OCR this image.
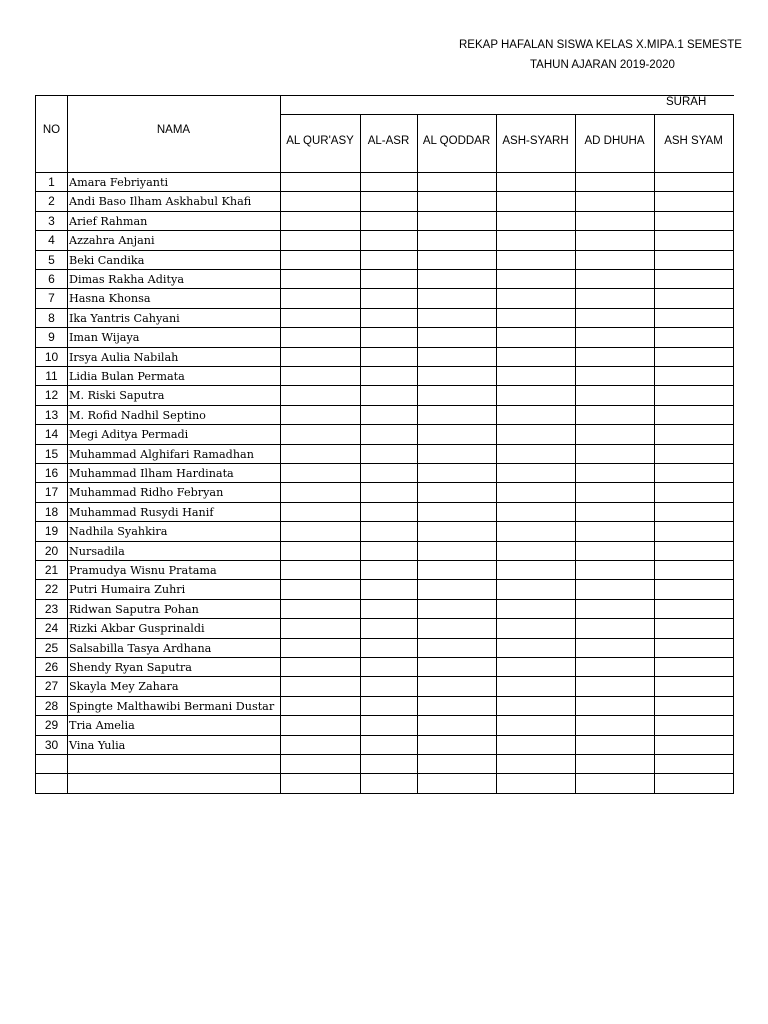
REKAP HAFALAN SISWA KELAS X.MIPA.1 SEMESTE
TAHUN AJARAN 2019-2020
NO	NAMA
SURAH
AL QUR'ASY	AL-ASR	AL QODDAR	ASH-SYARH	AD DHUHA	ASH SYAM
1	Amara Febriyanti
2	Andi Baso Ilham Askhabul Khafi
3	Arief Rahman
4	Azzahra Anjani
5	Beki Candika
6	Dimas Rakha Aditya
7	Hasna Khonsa
8	Ika Yantris Cahyani
9	Iman Wijaya
10 Irsya Aulia Nabilah
11	Lidia Bulan Permata
12 M. Riski Saputra
13 M. Rofid Nadhil Septino
14 Megi Aditya Permadi
15 Muhammad Alghifari Ramadhan
16 Muhammad Ilham Hardinata
17 Muhammad Ridho Febryan
18 Muhammad Rusydi Hanif
19 Nadhila Syahkira
20 Nursadila
21 Pramudya Wisnu Pratama
22 Putri Humaira Zuhri
23 Ridwan Saputra Pohan
24 Rizki Akbar Gusprinaldi
25 Salsabilla Tasya Ardhana
26 Shendy Ryan Saputra
27 Skayla Mey Zahara
28 Spingte Malthawibi Bermani Dustar
29 Tria Amelia
30 Vina Yulia
